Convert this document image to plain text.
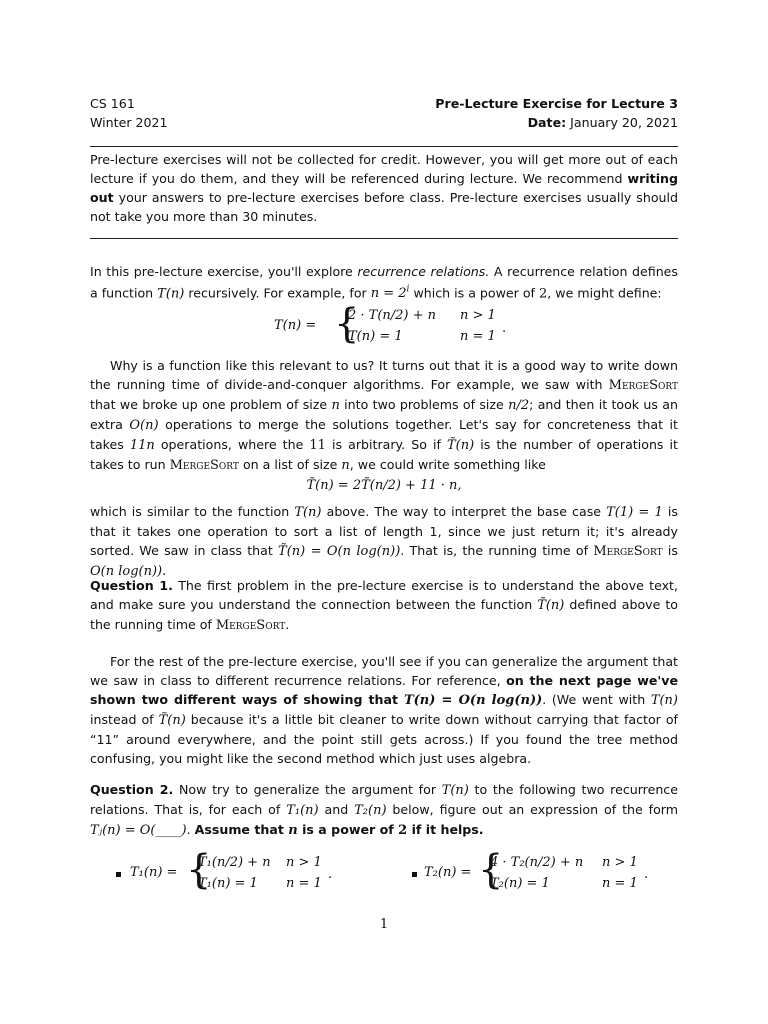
CS 161
Winter 2021
Pre-Lecture Exercise for Lecture 3
Date: January 20, 2021

Pre-lecture exercises will not be collected for credit. However, you will get more out of each lecture if you do them, and they will be referenced during lecture. We recommend writing out your answers to pre-lecture exercises before class. Pre-lecture exercises usually should not take you more than 30 minutes.

In this pre-lecture exercise, you'll explore recurrence relations. A recurrence relation defines a function T(n) recursively. For example, for $n = 2^i$ which is a power of 2, we might define:

T(n) = {
2 · T(n/2) + n n > 1
T(n) = 1	n = 1
.

Why is a function like this relevant to us? It turns out that it is a good way to write down the running time of divide-and-conquer algorithms. For example, we saw with MergeSort that we broke up one problem of size n into two problems of size n/2; and then it took us an extra O(n) operations to merge the solutions together. Let's say for concreteness that it takes 11n operations, where the 11 is arbitrary. So if T̃(n) is the number of operations it takes to run MergeSort on a list of size n, we could write something like

T̃(n) = 2T̃(n/2) + 11 · n,

which is similar to the function T(n) above. The way to interpret the base case T(1) = 1 is that it takes one operation to sort a list of length 1, since we just return it; it's already sorted. We saw in class that T̃(n) = O(n log(n)). That is, the running time of MergeSort is O(n log(n)).

Question 1. The first problem in the pre-lecture exercise is to understand the above text, and make sure you understand the connection between the function T̃(n) defined above to the running time of MergeSort.

For the rest of the pre-lecture exercise, you'll see if you can generalize the argument that we saw in class to different recurrence relations. For reference, on the next page we've shown two different ways of showing that T(n) = O(n log(n)). (We went with T(n) instead of T̃(n) because it's a little bit cleaner to write down without carrying that factor of “11” around everywhere, and the point still gets across.) If you found the tree method confusing, you might like the second method which just uses algebra.

Question 2. Now try to generalize the argument for T(n) to the following two recurrence relations. That is, for each of T₁(n) and T₂(n) below, figure out an expression of the form Tⱼ(n) = O(____). Assume that n is a power of 2 if it helps.

T₁(n) = {
T₁(n/2) + n n > 1
T₁(n) = 1 n = 1
.	T₂(n) = {
4 · T₂(n/2) + n n > 1
T₂(n) = 1	n = 1
.
1
